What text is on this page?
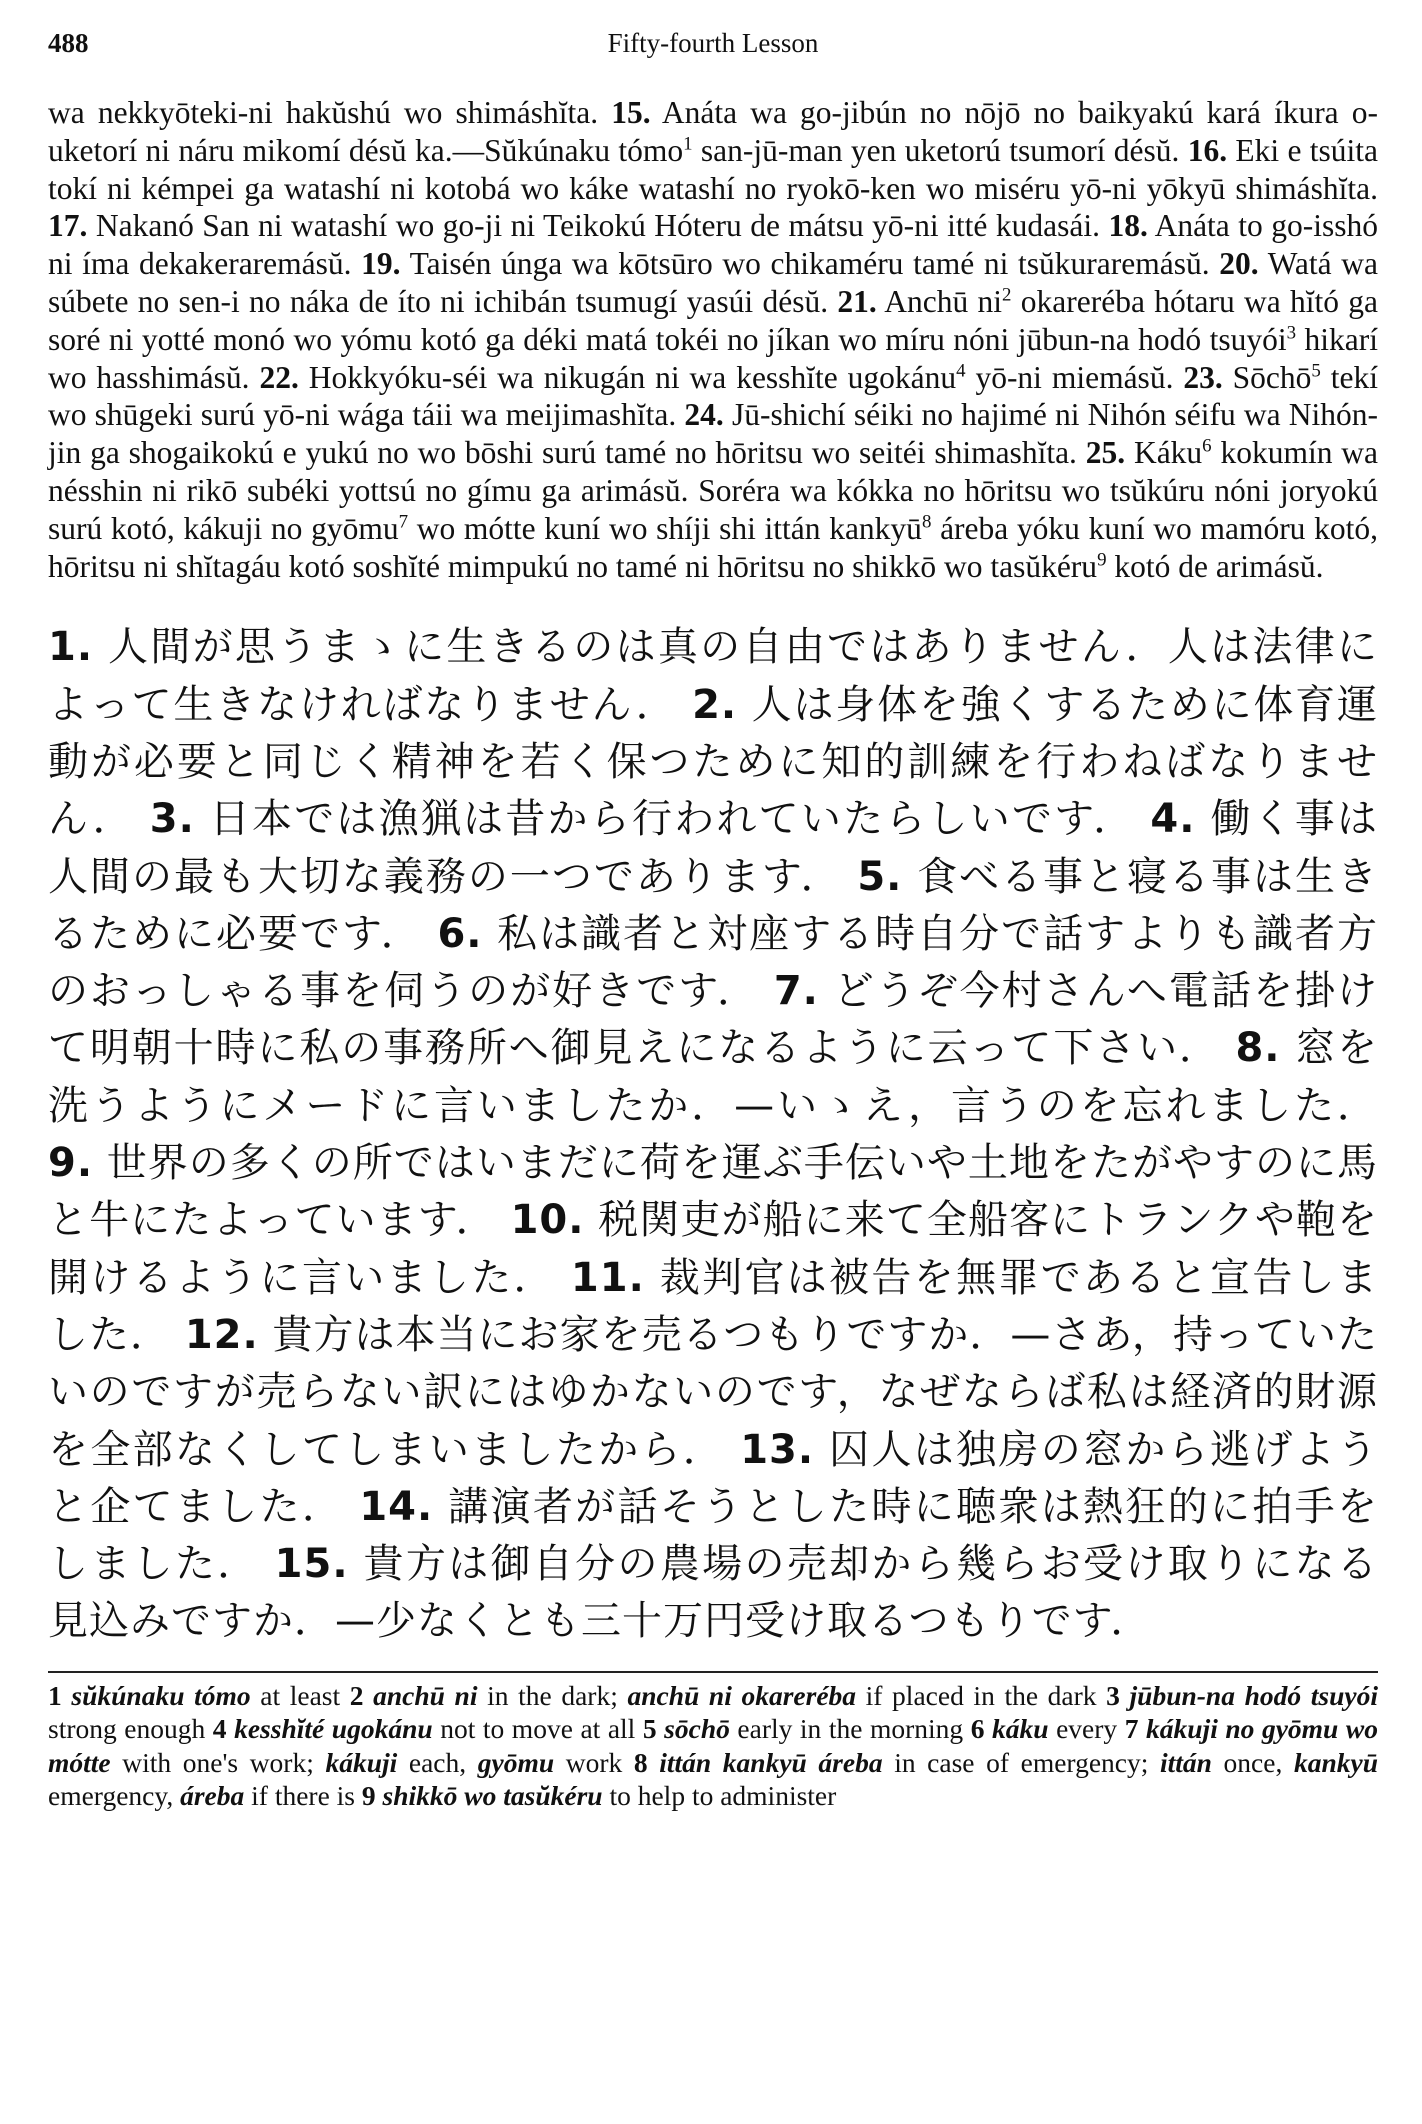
488	Fifty-fourth Lesson
wa nekkyōteki-ni hakŭshú wo shimáshĭta. 15. Anáta wa go-jibún no nōjō no baikyakú kará íkura o-uketorí ni náru mikomí désŭ ka.—Sŭkúnaku tómo$^1$ san-jū-man yen uketorú tsumorí désŭ. 16. Eki e tsúita tokí ni kémpei ga watashí ni kotobá wo káke watashí no ryokō-ken wo miséru yō-ni yōkyū shimáshĭta. 17. Nakanó San ni watashí wo go-ji ni Teikokú Hóteru de mátsu yō-ni itté kudasái. 18. Anáta to go-isshó ni íma dekakeraremásŭ. 19. Taisén únga wa kōtsūro wo chikaméru tamé ni tsŭkuraremásŭ. 20. Watá wa súbete no sen-i no náka de íto ni ichibán tsumugí yasúi désŭ. 21. Anchū $ni^2$ okareréba hótaru wa hĭtó ga soré ni yotté monó wo yómu kotó ga déki matá tokéi no jíkan wo míru nóni jūbun-na hodó tsuyói$^3$ hikarí wo hasshimásŭ. 22. Hokkyóku-séi wa nikugán ni wa kesshĭte ugokánu$^4$ yō-ni miemásŭ. 23. Sōchō$^5$ tekí wo shūgeki surú yō-ni wága táii wa meijimashĭta. 24. Jū-shichí séiki no hajimé ni Nihón séifu wa Nihón-jin ga shogaikokú e yukú no wo bōshi surú tamé no hōritsu wo seitéi shimashĭta. 25. Káku$^6$ kokumín wa nésshin ni rikō subéki yottsú no gímu ga arimásŭ. Soréra wa kókka no hōritsu wo tsŭkúru nóni joryokú surú kotó, kákuji no gyōmu$^7$ wo mótte kuní wo shíji shi ittán kankyū$^8$ áreba yóku kuní wo mamóru kotó, hōritsu ni shĭtagáu kotó soshĭté mimpukú no tamé ni hōritsu no shikkō wo tasŭkéru$^9$ kotó de arimásŭ.
1. 人間が思うまゝに生きるのは真の自由ではありません．人は法律によって生きなければなりません． 2. 人は身体を強くするために体育運動が必要と同じく精神を若く保つために知的訓練を行わねばなりません． 3. 日本では漁猟は昔から行われていたらしいです． 4. 働く事は人間の最も大切な義務の一つであります． 5. 食べる事と寝る事は生きるために必要です． 6. 私は識者と対座する時自分で話すよりも識者方のおっしゃる事を伺うのが好きです． 7. どうぞ今村さんへ電話を掛けて明朝十時に私の事務所へ御見えになるように云って下さい． 8. 窓を洗うようにメードに言いましたか．—いゝえ，言うのを忘れました． 9. 世界の多くの所ではいまだに荷を運ぶ手伝いや土地をたがやすのに馬と牛にたよっています． 10. 税関吏が船に来て全船客にトランクや鞄を開けるように言いました． 11. 裁判官は被告を無罪であると宣告しました． 12. 貴方は本当にお家を売るつもりですか．—さあ，持っていたいのですが売らない訳にはゆかないのです，なぜならば私は経済的財源を全部なくしてしまいましたから． 13. 囚人は独房の窓から逃げようと企てました． 14. 講演者が話そうとした時に聴衆は熱狂的に拍手をしました． 15. 貴方は御自分の農場の売却から幾らお受け取りになる見込みですか．—少なくとも三十万円受け取るつもりです．
1 sŭkúnaku tómo at least 2 anchū ni in the dark; anchū ni okareréba if placed in the dark 3 jūbun-na hodó tsuyói strong enough 4 kesshĭté ugokánu not to move at all 5 sōchō early in the morning 6 káku every 7 kákuji no gyōmu wo mótte with one's work; kákuji each, gyōmu work 8 ittán kankyū áreba in case of emergency; ittán once, kankyū emergency, áreba if there is 9 shikkō wo tasŭkéru to help to administer
